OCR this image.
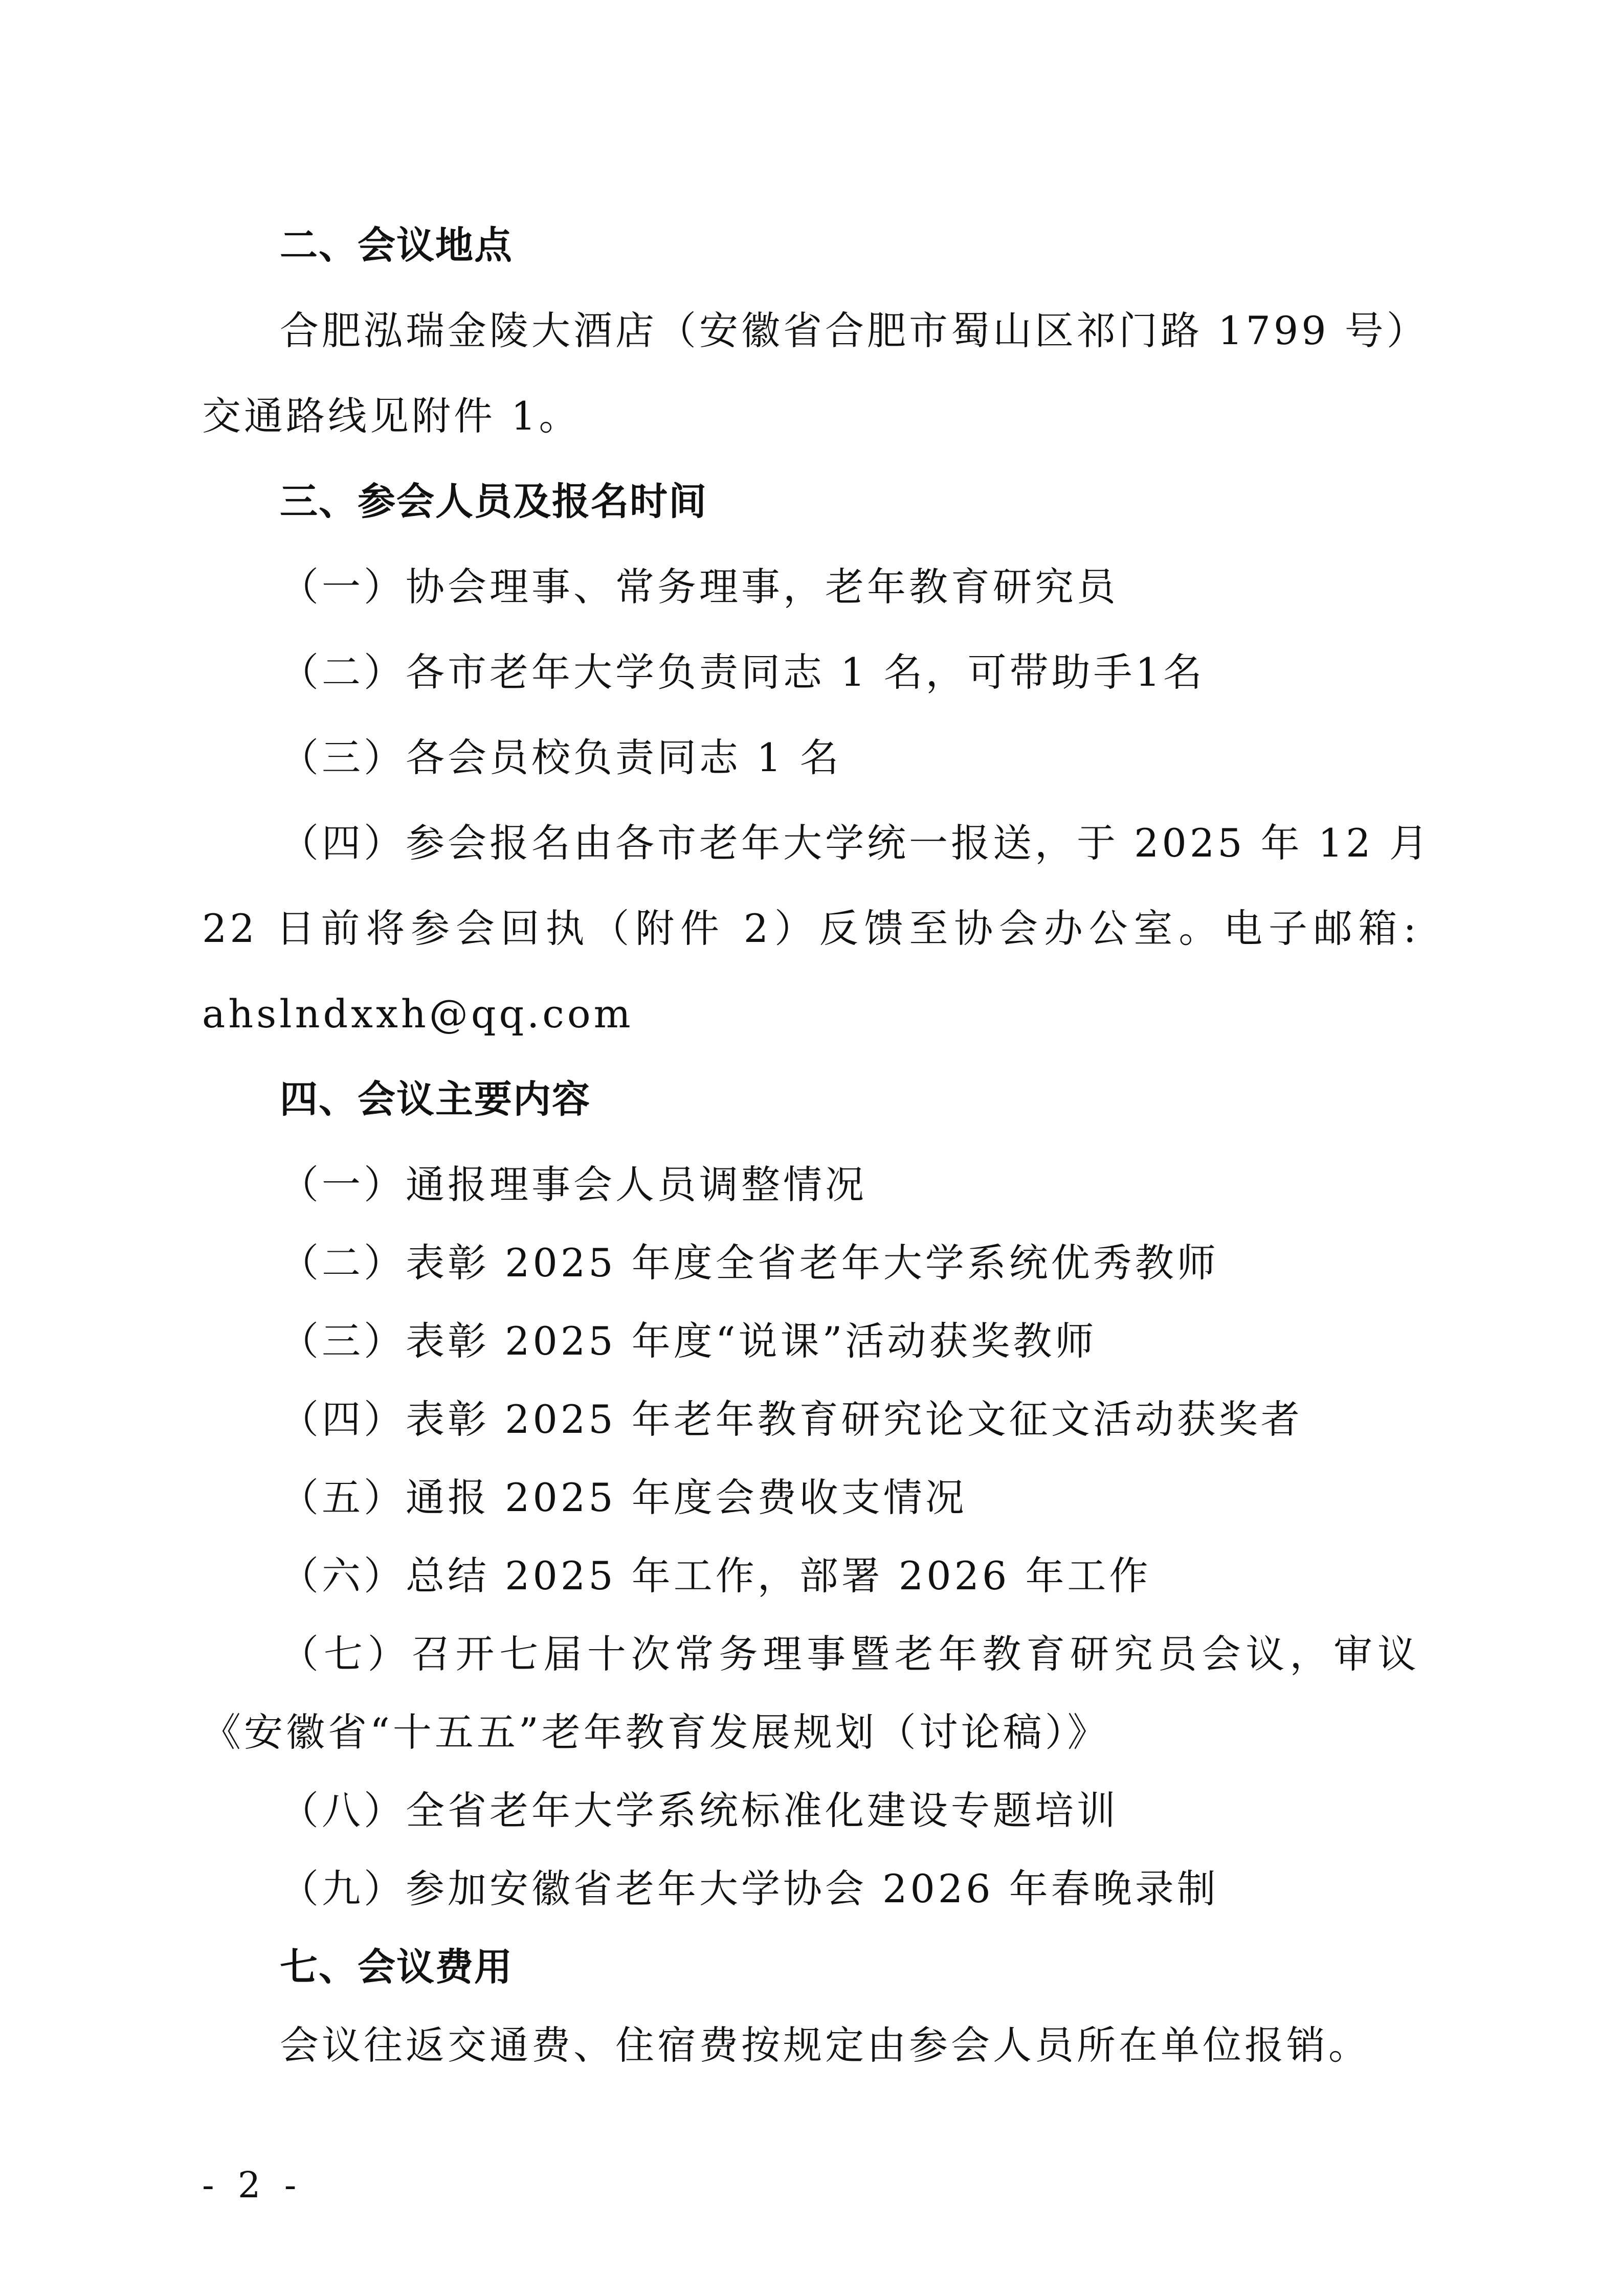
二、会议地点
合肥泓瑞金陵大酒店（安徽省合肥市蜀山区祁门路 1799 号）
交通路线见附件 1。
三、参会人员及报名时间
（一）协会理事、常务理事，老年教育研究员
（二）各市老年大学负责同志 1 名，可带助手1名
（三）各会员校负责同志 1 名
（四）参会报名由各市老年大学统一报送，于 2025 年 12 月
22 日前将参会回执（附件 2）反馈至协会办公室。电子邮箱:
ahslndxxh@qq.com
四、会议主要内容
（一）通报理事会人员调整情况
（二）表彰 2025 年度全省老年大学系统优秀教师
（三）表彰 2025 年度“说课”活动获奖教师
（四）表彰 2025 年老年教育研究论文征文活动获奖者
（五）通报 2025 年度会费收支情况
（六）总结 2025 年工作，部署 2026 年工作
（七）召开七届十次常务理事暨老年教育研究员会议，审议
《安徽省“十五五”老年教育发展规划（讨论稿）》
（八）全省老年大学系统标准化建设专题培训
（九）参加安徽省老年大学协会 2026 年春晚录制
七、会议费用
会议往返交通费、住宿费按规定由参会人员所在单位报销。
- 2 -
